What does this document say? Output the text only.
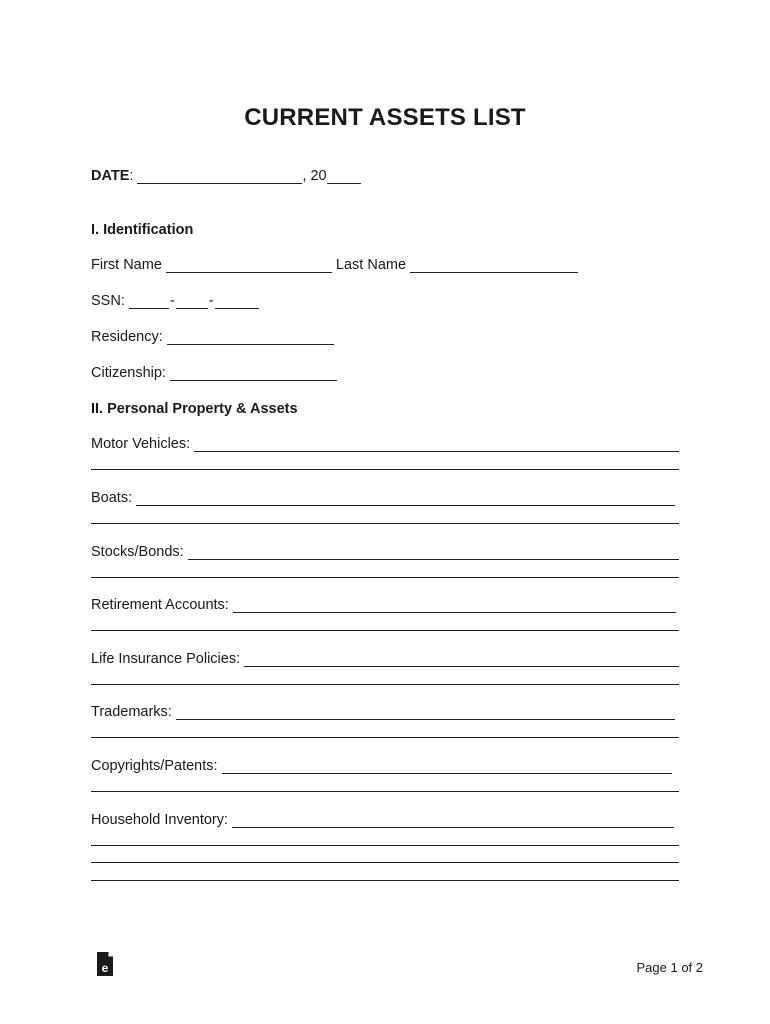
CURRENT ASSETS LIST
DATE :	, 20
I. Identification
First Name	Last Name
SSN:	- -
Residency:
Citizenship:
II. Personal Property & Assets
Motor Vehicles:
Boats:
Stocks/Bonds:
Retirement Accounts:
Life Insurance Policies:
Trademarks:
Copyrights/Patents:
Household Inventory:
e	Page 1 of 2
